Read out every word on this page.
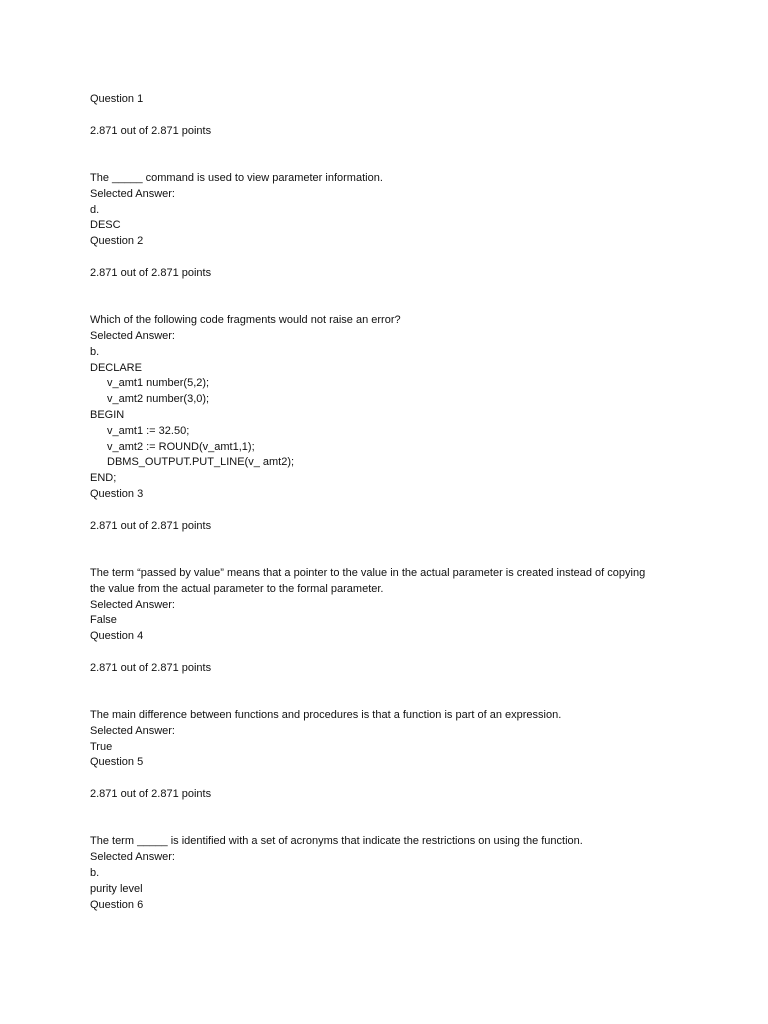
Question 1
2.871 out of 2.871 points
The _____ command is used to view parameter information.
Selected Answer:
d.
DESC
Question 2
2.871 out of 2.871 points
Which of the following code fragments would not raise an error?
Selected Answer:
b.
DECLARE
v_amt1 number(5,2);
v_amt2 number(3,0);
BEGIN
v_amt1 := 32.50;
v_amt2 := ROUND(v_amt1,1);
DBMS_OUTPUT.PUT_LINE(v_ amt2);
END;
Question 3
2.871 out of 2.871 points
The term “passed by value” means that a pointer to the value in the actual parameter is created instead of copying
the value from the actual parameter to the formal parameter.
Selected Answer:
False
Question 4
2.871 out of 2.871 points
The main difference between functions and procedures is that a function is part of an expression.
Selected Answer:
True
Question 5
2.871 out of 2.871 points
The term _____ is identified with a set of acronyms that indicate the restrictions on using the function.
Selected Answer:
b.
purity level
Question 6
